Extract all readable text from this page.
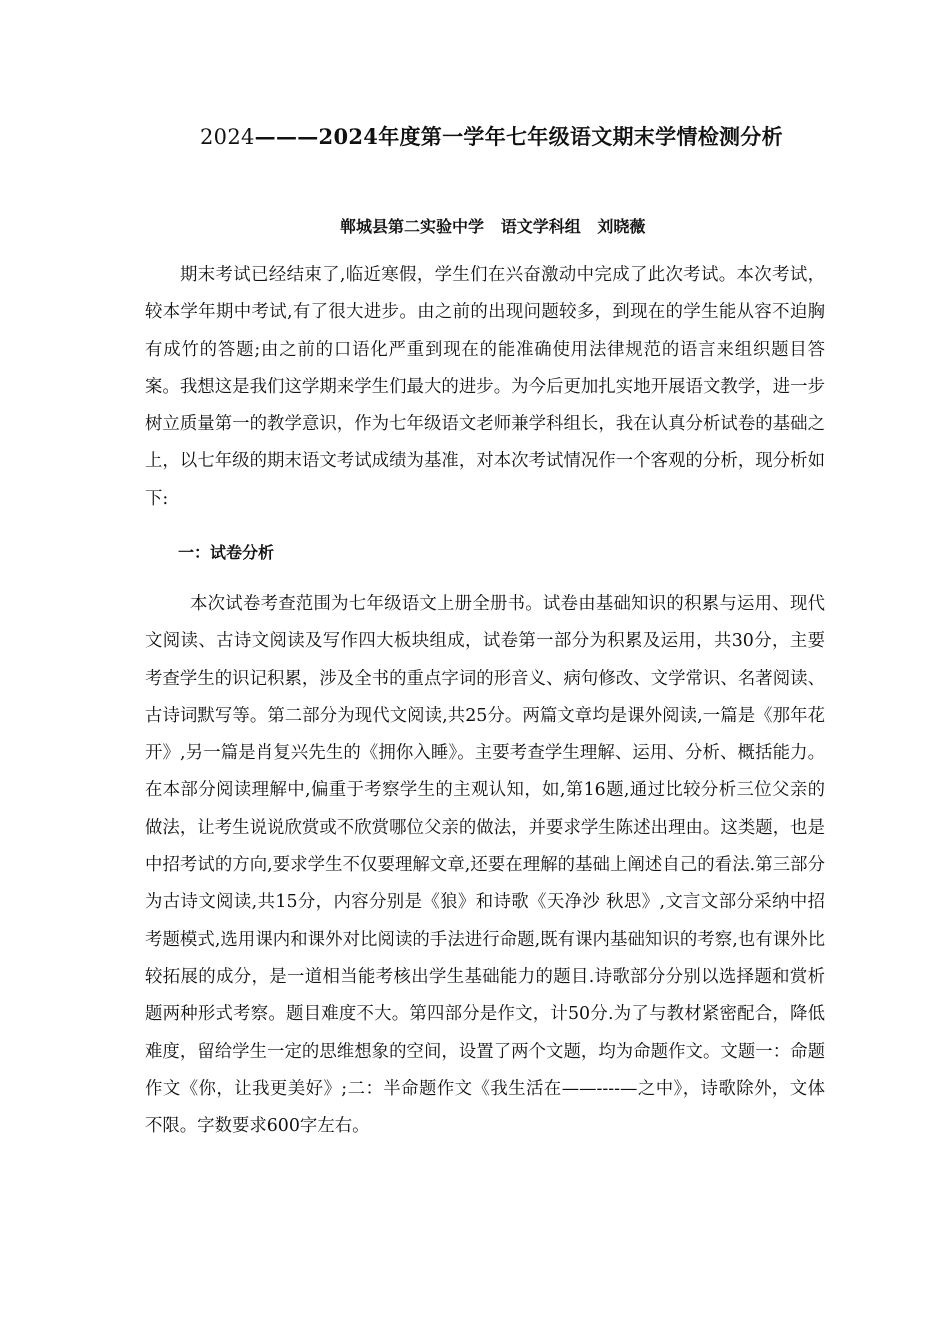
2024———2024年度第一学年七年级语文期末学情检测分析
郸城县第二实验中学   语文学科组   刘晓薇
期末考试已经结束了,临近寒假，学生们在兴奋激动中完成了此次考试。本次考试，较本学年期中考试,有了很大进步。由之前的出现问题较多，到现在的学生能从容不迫胸有成竹的答题;由之前的口语化严重到现在的能准确使用法律规范的语言来组织题目答案。我想这是我们这学期来学生们最大的进步。为今后更加扎实地开展语文教学，进一步树立质量第一的教学意识，作为七年级语文老师兼学科组长，我在认真分析试卷的基础之上，以七年级的期末语文考试成绩为基准，对本次考试情况作一个客观的分析，现分析如下:
一：试卷分析
本次试卷考查范围为七年级语文上册全册书。试卷由基础知识的积累与运用、现代文阅读、古诗文阅读及写作四大板块组成，试卷第一部分为积累及运用，共30分，主要考查学生的识记积累，涉及全书的重点字词的形音义、病句修改、文学常识、名著阅读、古诗词默写等。第二部分为现代文阅读,共25分。两篇文章均是课外阅读,一篇是《那年花开》,另一篇是肖复兴先生的《拥你入睡》。主要考查学生理解、运用、分析、概括能力。在本部分阅读理解中,偏重于考察学生的主观认知，如,第16题,通过比较分析三位父亲的做法，让考生说说欣赏或不欣赏哪位父亲的做法，并要求学生陈述出理由。这类题，也是中招考试的方向,要求学生不仅要理解文章,还要在理解的基础上阐述自己的看法.第三部分为古诗文阅读,共15分，内容分别是《狼》和诗歌《天净沙 秋思》,文言文部分采纳中招考题模式,选用课内和课外对比阅读的手法进行命题,既有课内基础知识的考察,也有课外比较拓展的成分，是一道相当能考核出学生基础能力的题目.诗歌部分分别以选择题和赏析题两种形式考察。题目难度不大。第四部分是作文，计50分.为了与教材紧密配合，降低难度，留给学生一定的思维想象的空间，设置了两个文题，均为命题作文。文题一：命题作文《你，让我更美好》;二：半命题作文《我生活在——----—之中》，诗歌除外，文体不限。字数要求600字左右。
